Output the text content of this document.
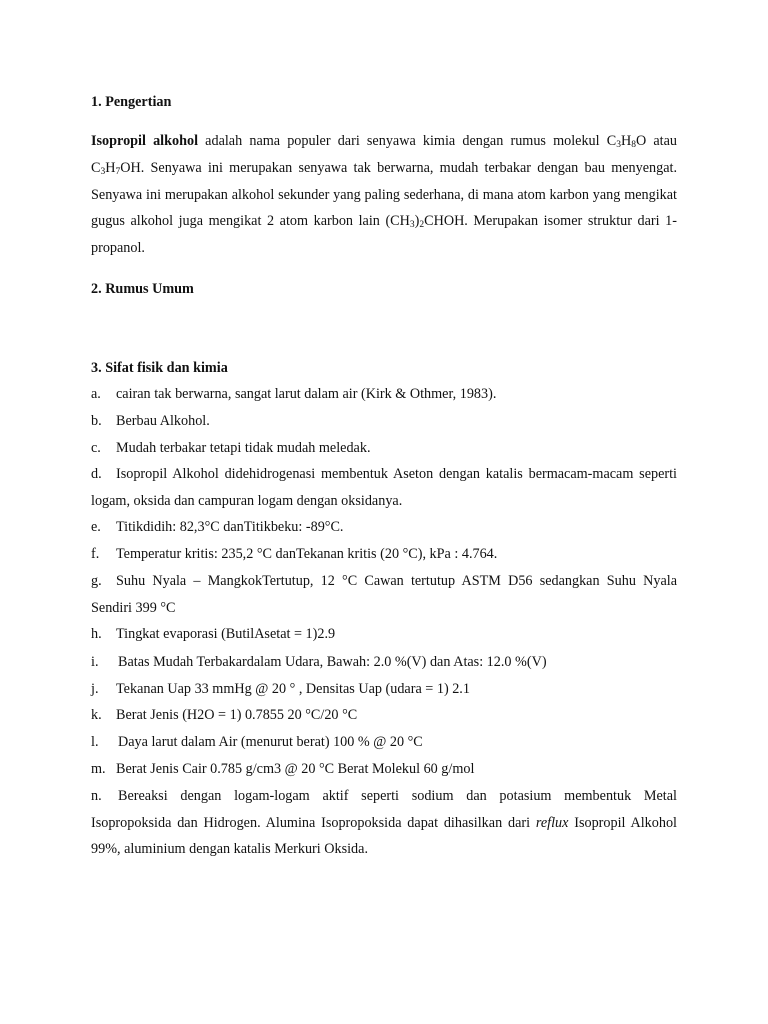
1. Pengertian
Isopropil alkohol adalah nama populer dari senyawa kimia dengan rumus molekul $C_3H_8O$ atau $C_3H_7OH$. Senyawa ini merupakan senyawa tak berwarna, mudah terbakar dengan bau menyengat. Senyawa ini merupakan alkohol sekunder yang paling sederhana, di mana atom karbon yang mengikat gugus alkohol juga mengikat 2 atom karbon lain $(CH_3)_2CHOH$. Merupakan isomer struktur dari 1-propanol.
2. Rumus Umum
3. Sifat fisik dan kimia
a. cairan tak berwarna, sangat larut dalam air (Kirk & Othmer, 1983).
b. Berbau Alkohol.
c. Mudah terbakar tetapi tidak mudah meledak.
d. Isopropil Alkohol didehidrogenasi membentuk Aseton dengan katalis bermacam-macam seperti logam, oksida dan campuran logam dengan oksidanya.
e. Titikdidih: 82,3°C danTitikbeku: -89°C.
f. Temperatur kritis: 235,2 °C danTekanan kritis (20 °C), kPa : 4.764.
g. Suhu Nyala – MangkokTertutup, 12 °C Cawan tertutup ASTM D56 sedangkan Suhu Nyala Sendiri 399 °C
h. Tingkat evaporasi (ButilAsetat = 1)2.9
i. Batas Mudah Terbakardalam Udara, Bawah: 2.0 %(V) dan Atas: 12.0 %(V)
j. Tekanan Uap 33 mmHg @ 20 ° , Densitas Uap (udara = 1) 2.1
k. Berat Jenis (H2O = 1) 0.7855 20 °C/20 °C
l. Daya larut dalam Air (menurut berat) 100 % @ 20 °C
m. Berat Jenis Cair 0.785 g/cm3 @ 20 °C Berat Molekul 60 g/mol
n. Bereaksi dengan logam-logam aktif seperti sodium dan potasium membentuk Metal Isopropoksida dan Hidrogen. Alumina Isopropoksida dapat dihasilkan dari reflux Isopropil Alkohol 99%, aluminium dengan katalis Merkuri Oksida.
